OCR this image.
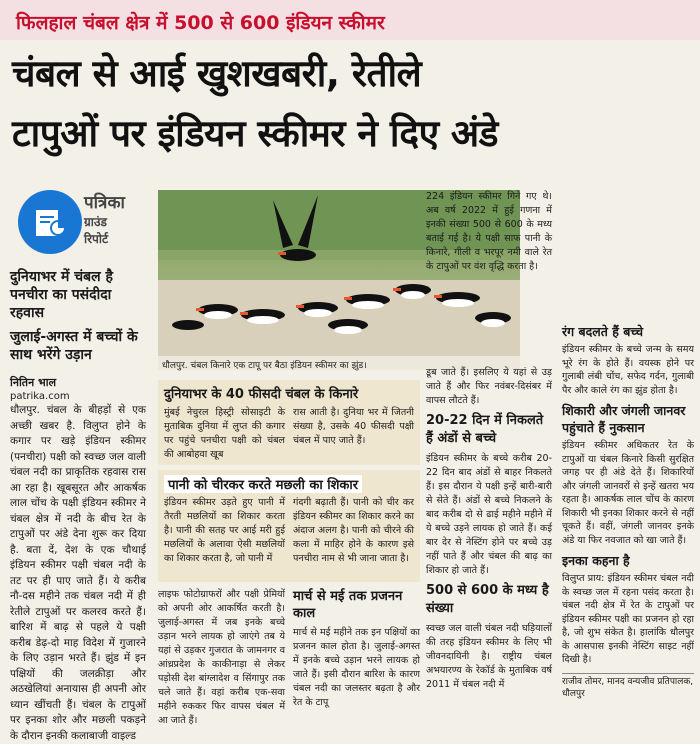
फिलहाल चंबल क्षेत्र में 500 से 600 इंडियन स्कीमर
चंबल से आई खुशखबरी, रेतीले
टापुओं पर इंडियन स्कीमर ने दिए अंडे
पत्रिका
ग्राउंड
रिपोर्ट
दुनियाभर में चंबल है पनचीरा का पसंदीदा रहवास
जुलाई-अगस्त में बच्चों के साथ भरेंगे उड़ान
नितिन भाल
patrika.com

धौलपुर. चंबल के बीहड़ों से एक अच्छी खबर है. विलुप्त होने के कगार पर खड़े इंडियन स्कीमर (पनचीरा) पक्षी को स्वच्छ जल वाली चंबल नदी का प्राकृतिक रहवास रास आ रहा है। खूबसूरत और आकर्षक लाल चोंच के पक्षी इंडियन स्कीमर ने चंबल क्षेत्र में नदी के बीच रेत के टापुओं पर अंडे देना शुरू कर दिया है. बता दें, देश के एक चौथाई इंडियन स्कीमर पक्षी चंबल नदी के तट पर ही पाए जाते हैं। ये करीब नौ-दस महीने तक चंबल नदी में ही रेतीले टापुओं पर कलरव करते हैं। बारिश में बाढ़ से पहले ये पक्षी करीब डेढ़-दो माह विदेश में गुजारने के लिए उड़ान भरते हैं। झुंड में इन पक्षियों की जलक्रीड़ा और अठखेलियां अनायास ही अपनी ओर ध्यान खींचती हैं। चंबल के टापुओं पर इनका शोर और मछली पकड़ने के दौरान इनकी कलाबाजी वाइल्ड

धौलपुर. चंबल किनारे एक टापू पर बैठा इंडियन स्कीमर का झुंड।
दुनियाभर के 40 फीसदी चंबल के किनारे

मुंबई नेचुरल हिस्ट्री सोसाइटी के मुताबिक दुनिया में लुप्त की कगार पर पहुंचे पनचीरा पक्षी को चंबल की आबोहवा खूब

रास आती है। दुनिया भर में जितनी संख्या है, उसके 40 फीसदी पक्षी चंबल में पाए जाते हैं।

पानी को चीरकर करते मछली का शिकार

इंडियन स्कीमर उड़ते हुए पानी में तैरती मछलियों का शिकार करता है। पानी की सतह पर आई मरी हुई मछलियों के अलावा ऐसी मछलियों का शिकार करता है, जो पानी में

गंदगी बढ़ाती हैं। पानी को चीर कर इंडियन स्कीमर का शिकार करने का अंदाज अलग है। पानी को चीरने की कला में माहिर होने के कारण इसे पनचीरा नाम से भी जाना जाता है।

लाइफ फोटोग्राफरों और पक्षी प्रेमियों को अपनी ओर आकर्षित करती है। जुलाई-अगस्त में जब इनके बच्चे उड़ान भरने लायक हो जाएंगे तब ये यहां से उड़कर गुजरात के जामनगर व आंध्रप्रदेश के काकीनाड़ा से लेकर पड़ोसी देश बांग्लादेश व सिंगापुर तक चले जाते हैं। वहां करीब एक-सवा महीने रुककर फिर वापस चंबल में आ जाते हैं।

मार्च से मई तक प्रजनन काल

मार्च से मई महीने तक इन पक्षियों का प्रजनन काल होता है। जुलाई-अगस्त में इनके बच्चे उड़ान भरने लायक हो जाते हैं। इसी दौरान बारिश के कारण चंबल नदी का जलस्तर बढ़ता है और रेत के टापू

224 इंडियन स्कीमर गिने गए थे। अब वर्ष 2022 में हुई गणना में इनकी संख्या 500 से 600 के मध्य बताई गई है। ये पक्षी साफ पानी के किनारे, गीली व भरपूर नमी वाले रेत के टापुओं पर वंश वृद्धि करता है।

डूब जाते हैं। इसलिए ये यहां से उड़ जाते हैं और फिर नवंबर-दिसंबर में वापस लौटते हैं।

20-22 दिन में निकलते हैं अंडों से बच्चे

इंडियन स्कीमर के बच्चे करीब 20-22 दिन बाद अंडों से बाहर निकलते हैं। इस दौरान ये पक्षी इन्हें बारी-बारी से सेते हैं। अंडों से बच्चे निकलने के बाद करीब दो से ढाई महीने महीने में ये बच्चे उड़ने लायक हो जाते हैं। कई बार देर से नेस्टिंग होने पर बच्चे उड़ नहीं पाते हैं और चंबल की बाढ़ का शिकार हो जाते हैं।

500 से 600 के मध्य है संख्या

स्वच्छ जल वाली चंबल नदी घड़ियालों की तरह इंडियन स्कीमर के लिए भी जीवनदायिनी है। राष्ट्रीय चंबल अभयारण्य के रेकॉर्ड के मुताबिक वर्ष 2011 में चंबल नदी में

रंग बदलते हैं बच्चे

इंडियन स्कीमर के बच्चे जन्म के समय भूरे रंग के होते हैं। वयस्क होने पर गुलाबी लंबी चोंच, सफेद गर्दन, गुलाबी पैर और काले रंग का झुंड होता है।

शिकारी और जंगली जानवर पहुंचाते हैं नुकसान

इंडियन स्कीमर अधिकतर रेत के टापुओं या चंबल किनारे किसी सुरक्षित जगह पर ही अंडे देते हैं। शिकारियों और जंगली जानवरों से इन्हें खतरा भय रहता है। आकर्षक लाल चोंच के कारण शिकारी भी इनका शिकार करने से नहीं चूकते हैं। वहीं, जंगली जानवर इनके अंडे या फिर नवजात को खा जाते हैं।

इनका कहना है

विलुप्त प्राय: इंडियन स्कीमर चंबल नदी के स्वच्छ जल में रहना पसंद करता है। चंबल नदी क्षेत्र में रेत के टापुओं पर इंडियन स्कीमर पक्षी का प्रजनन हो रहा है, जो शुभ संकेत है। हालांकि धौलपुर के आसपास इनकी नेस्टिंग साइट नहीं दिखी है।

राजीव तोमर, मानद वन्यजीव प्रतिपालक, धौलपुर
